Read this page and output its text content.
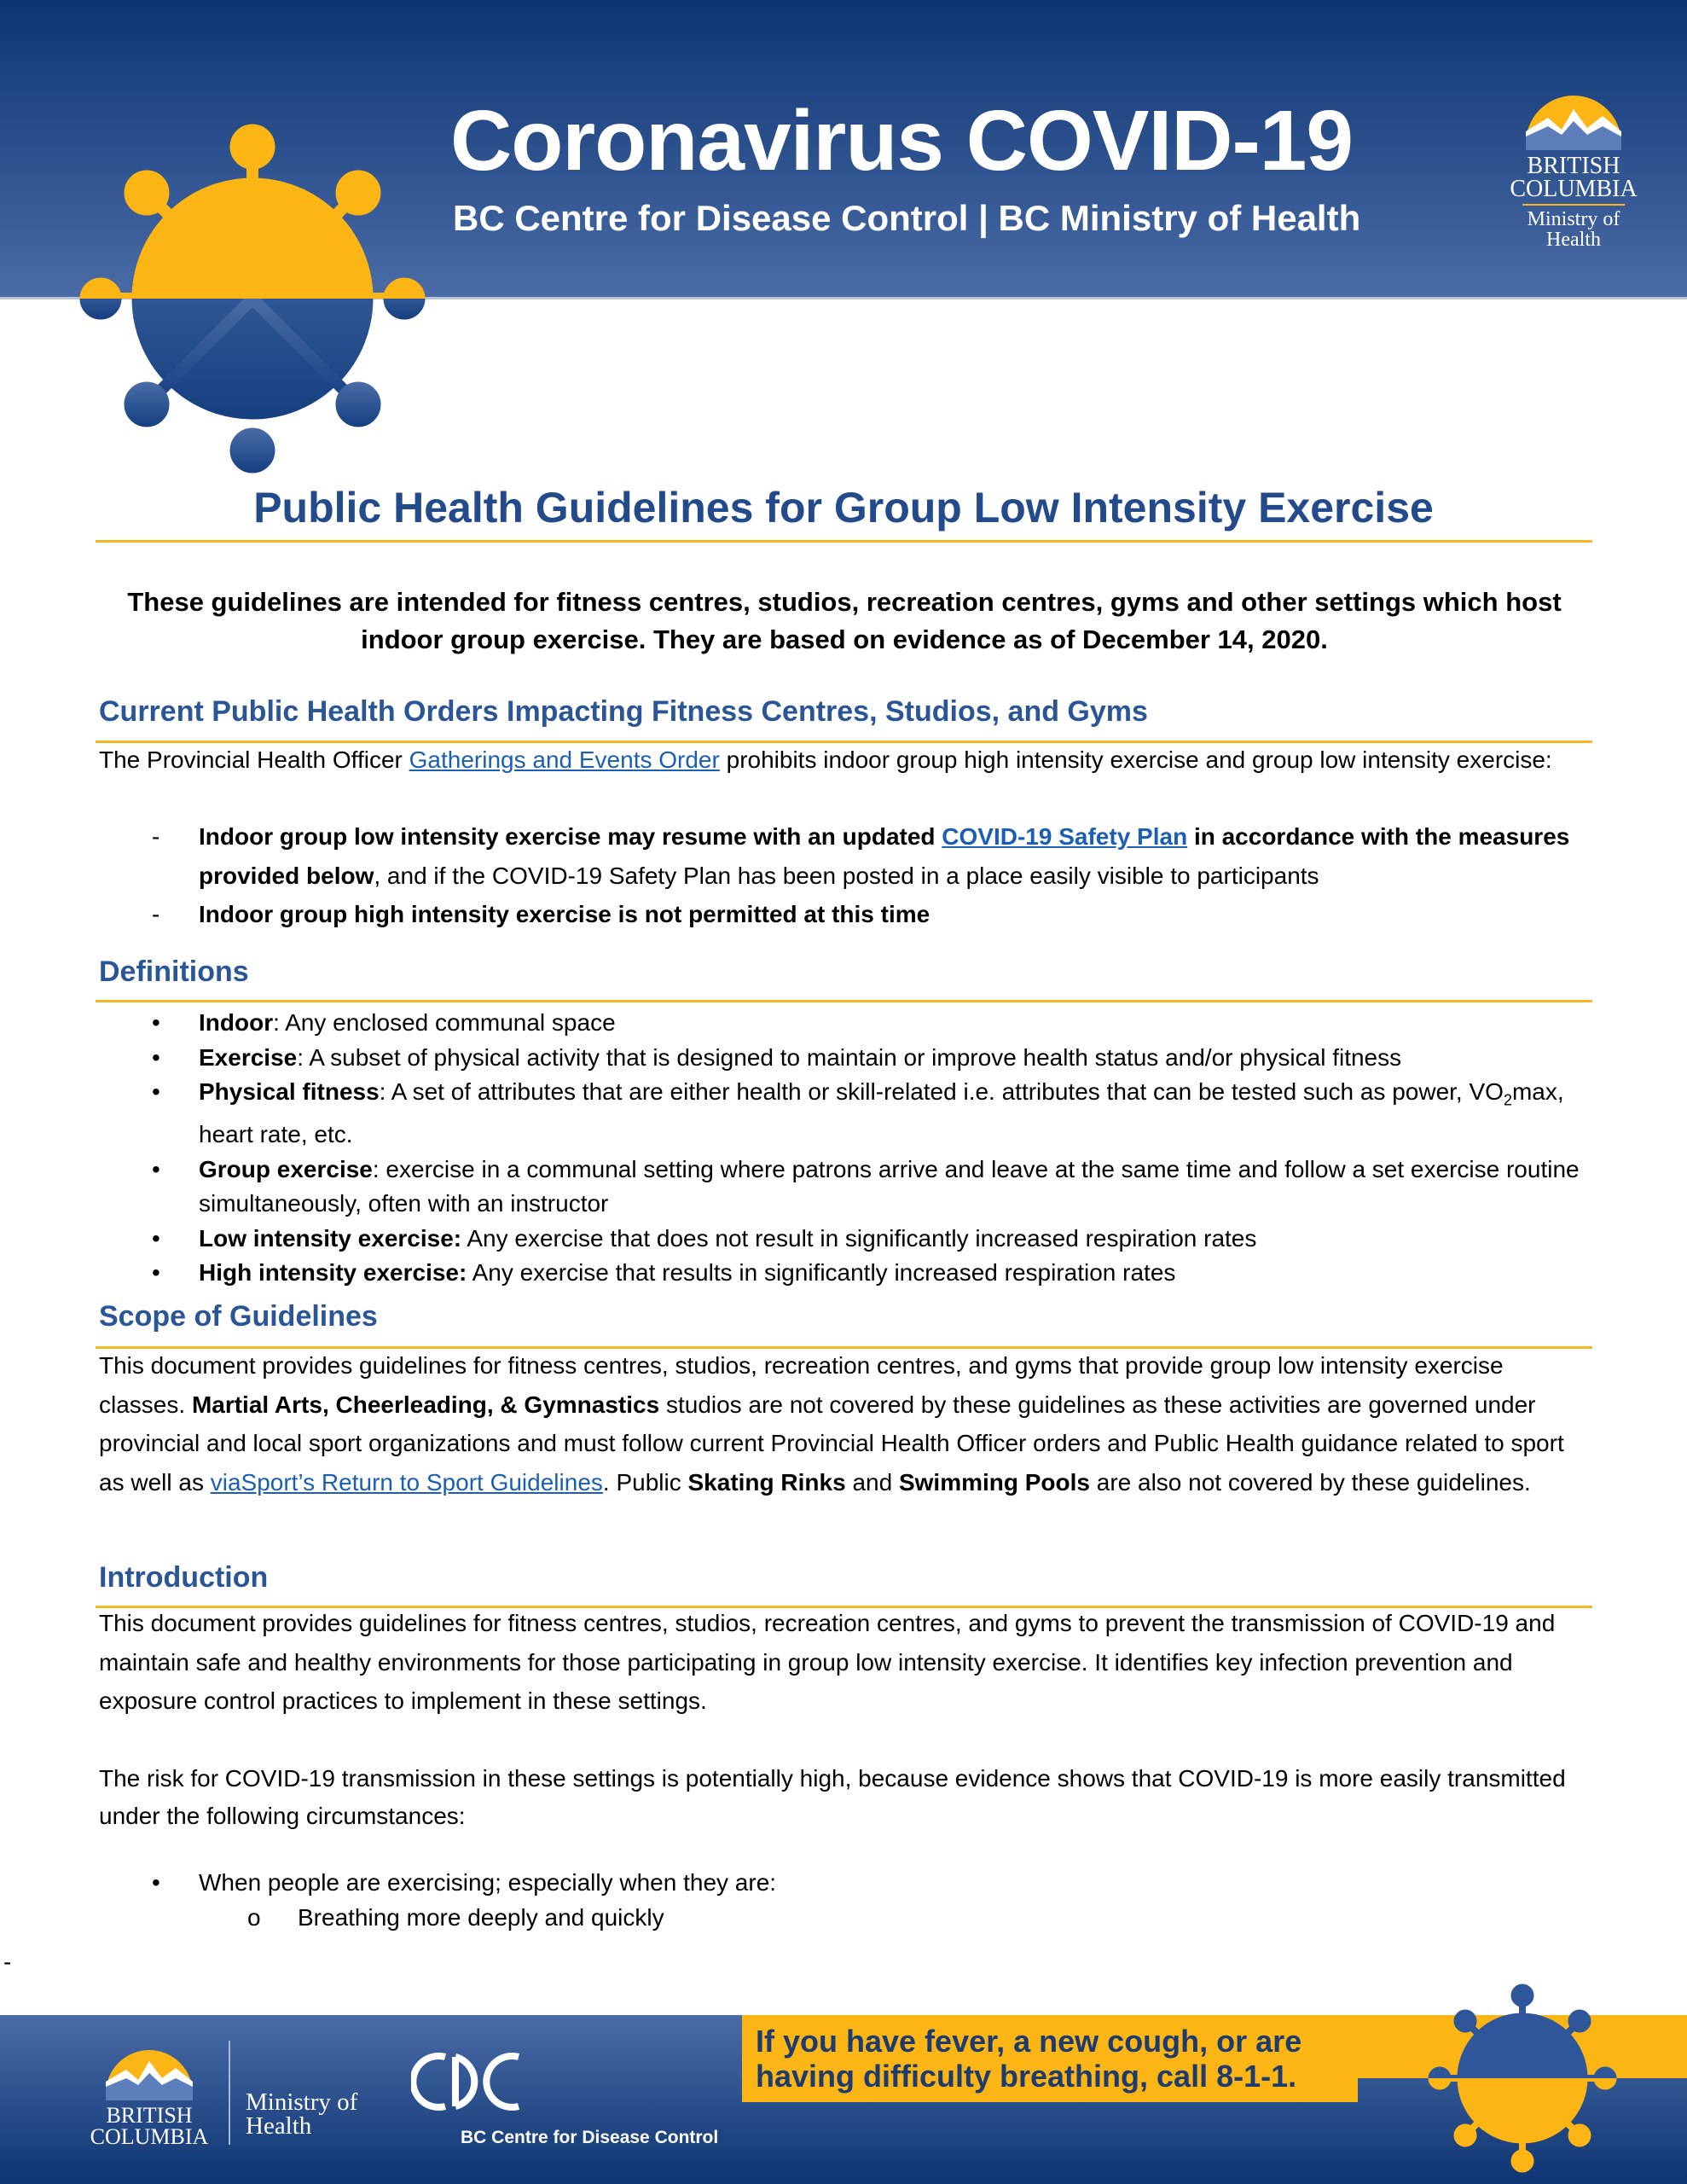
Coronavirus COVID-19
BC Centre for Disease Control | BC Ministry of Health
BRITISH
COLUMBIA
Ministry of
Health
Public Health Guidelines for Group Low Intensity Exercise
These guidelines are intended for fitness centres, studios, recreation centres, gyms and other settings which host indoor group exercise. They are based on evidence as of December 14, 2020.
Current Public Health Orders Impacting Fitness Centres, Studios, and Gyms
The Provincial Health Officer Gatherings and Events Order prohibits indoor group high intensity exercise and group low intensity exercise:
- Indoor group low intensity exercise may resume with an updated COVID-19 Safety Plan in accordance with the measures provided below, and if the COVID-19 Safety Plan has been posted in a place easily visible to participants
- Indoor group high intensity exercise is not permitted at this time
Definitions
• Indoor: Any enclosed communal space
• Exercise: A subset of physical activity that is designed to maintain or improve health status and/or physical fitness
• Physical fitness: A set of attributes that are either health or skill-related i.e. attributes that can be tested such as power, $VO_2\max$, heart rate, etc.
• Group exercise: exercise in a communal setting where patrons arrive and leave at the same time and follow a set exercise routine simultaneously, often with an instructor
• Low intensity exercise: Any exercise that does not result in significantly increased respiration rates
• High intensity exercise: Any exercise that results in significantly increased respiration rates
Scope of Guidelines
This document provides guidelines for fitness centres, studios, recreation centres, and gyms that provide group low intensity exercise classes. Martial Arts, Cheerleading, & Gymnastics studios are not covered by these guidelines as these activities are governed under provincial and local sport organizations and must follow current Provincial Health Officer orders and Public Health guidance related to sport as well as viaSport’s Return to Sport Guidelines. Public Skating Rinks and Swimming Pools are also not covered by these guidelines.
Introduction
This document provides guidelines for fitness centres, studios, recreation centres, and gyms to prevent the transmission of COVID-19 and maintain safe and healthy environments for those participating in group low intensity exercise. It identifies key infection prevention and exposure control practices to implement in these settings.
The risk for COVID-19 transmission in these settings is potentially high, because evidence shows that COVID-19 is more easily transmitted under the following circumstances:
• When people are exercising; especially when they are:
o Breathing more deeply and quickly
-
If you have fever, a new cough, or are
having difficulty breathing, call 8-1-1.
BRITISH
COLUMBIA
Ministry of
Health	BC Centre for Disease Control
